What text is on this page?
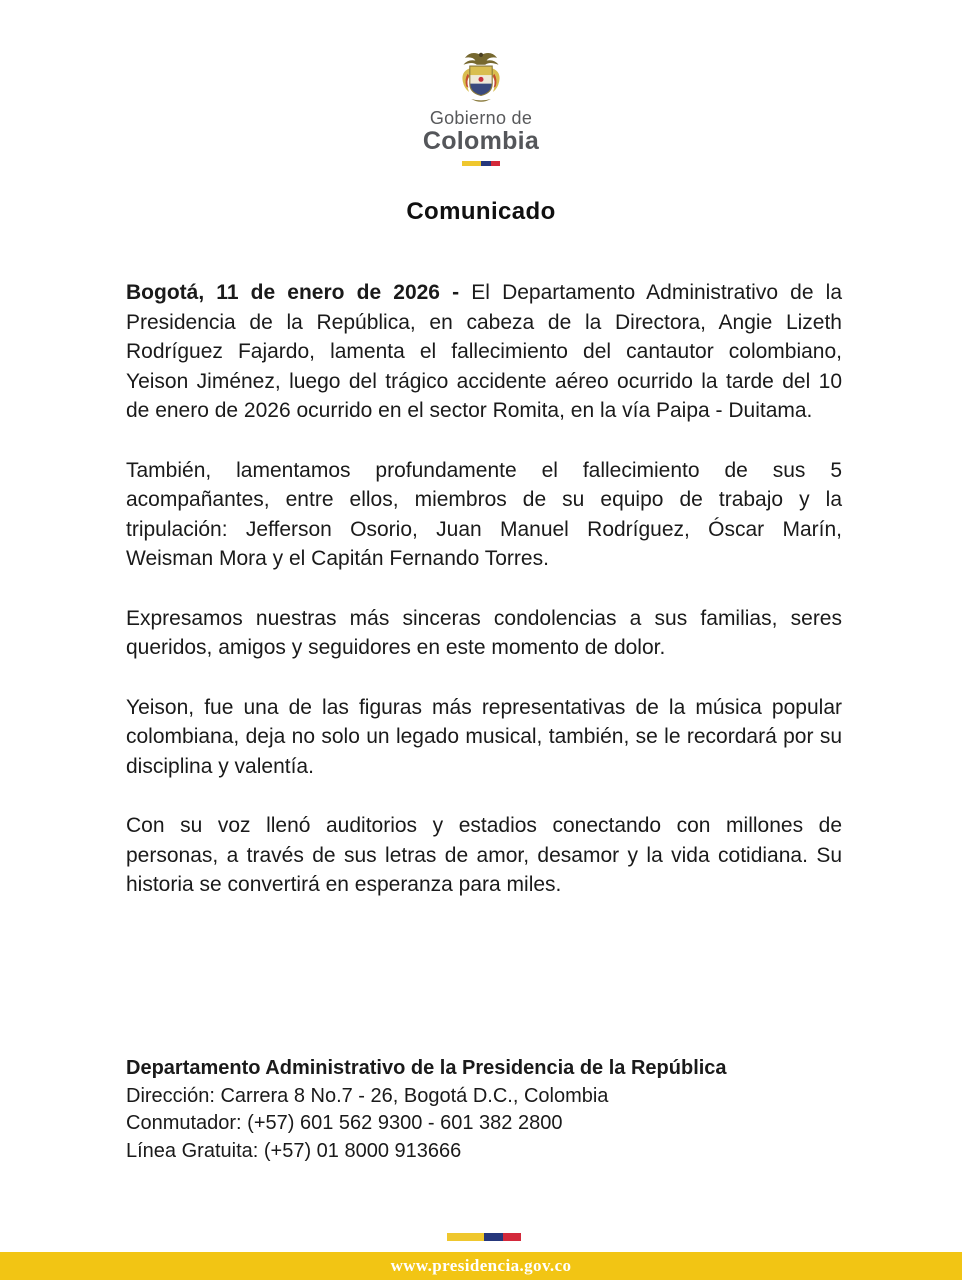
Gobierno de
Colombia
Comunicado

Bogotá, 11 de enero de 2026 - El Departamento Administrativo de la Presidencia de la República, en cabeza de la Directora, Angie Lizeth Rodríguez Fajardo, lamenta el fallecimiento del cantautor colombiano, Yeison Jiménez, luego del trágico accidente aéreo ocurrido la tarde del 10 de enero de 2026 ocurrido en el sector Romita, en la vía Paipa - Duitama.

También, lamentamos profundamente el fallecimiento de sus 5 acompañantes, entre ellos, miembros de su equipo de trabajo y la tripulación: Jefferson Osorio, Juan Manuel Rodríguez, Óscar Marín, Weisman Mora y el Capitán Fernando Torres.

Expresamos nuestras más sinceras condolencias a sus familias, seres queridos, amigos y seguidores en este momento de dolor.

Yeison, fue una de las figuras más representativas de la música popular colombiana, deja no solo un legado musical, también, se le recordará por su disciplina y valentía.

Con su voz llenó auditorios y estadios conectando con millones de personas, a través de sus letras de amor, desamor y la vida cotidiana. Su historia se convertirá en esperanza para miles.

Departamento Administrativo de la Presidencia de la República
Dirección: Carrera 8 No.7 - 26, Bogotá D.C., Colombia
Conmutador: (+57) 601 562 9300 - 601 382 2800
Línea Gratuita: (+57) 01 8000 913666
www.presidencia.gov.co
